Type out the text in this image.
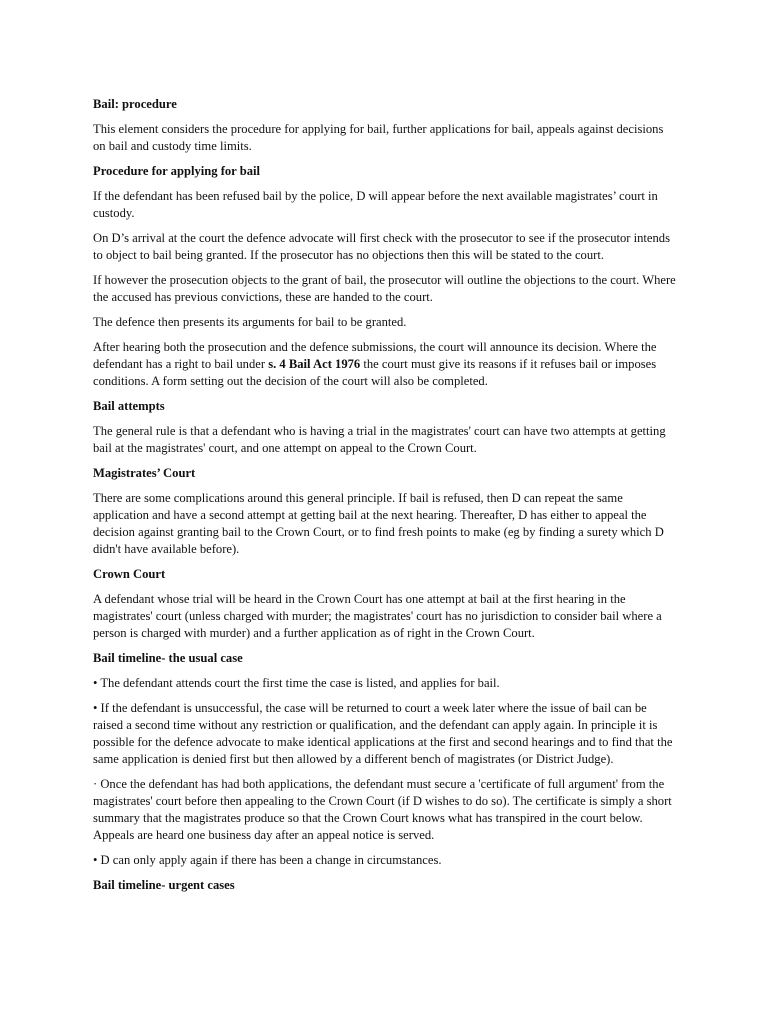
Bail: procedure
This element considers the procedure for applying for bail, further applications for bail, appeals against decisions on bail and custody time limits.
Procedure for applying for bail
If the defendant has been refused bail by the police, D will appear before the next available magistrates’ court in custody.
On D’s arrival at the court the defence advocate will first check with the prosecutor to see if the prosecutor intends to object to bail being granted. If the prosecutor has no objections then this will be stated to the court.
If however the prosecution objects to the grant of bail, the prosecutor will outline the objections to the court. Where the accused has previous convictions, these are handed to the court.
The defence then presents its arguments for bail to be granted.
After hearing both the prosecution and the defence submissions, the court will announce its decision. Where the defendant has a right to bail under s. 4 Bail Act 1976 the court must give its reasons if it refuses bail or imposes conditions. A form setting out the decision of the court will also be completed.
Bail attempts
The general rule is that a defendant who is having a trial in the magistrates' court can have two attempts at getting bail at the magistrates' court, and one attempt on appeal to the Crown Court.
Magistrates’ Court
There are some complications around this general principle. If bail is refused, then D can repeat the same application and have a second attempt at getting bail at the next hearing. Thereafter, D has either to appeal the decision against granting bail to the Crown Court, or to find fresh points to make (eg by finding a surety which D didn't have available before).
Crown Court
A defendant whose trial will be heard in the Crown Court has one attempt at bail at the first hearing in the magistrates' court (unless charged with murder; the magistrates' court has no jurisdiction to consider bail where a person is charged with murder) and a further application as of right in the Crown Court.
Bail timeline- the usual case
• The defendant attends court the first time the case is listed, and applies for bail.
• If the defendant is unsuccessful, the case will be returned to court a week later where the issue of bail can be raised a second time without any restriction or qualification, and the defendant can apply again. In principle it is possible for the defence advocate to make identical applications at the first and second hearings and to find that the same application is denied first but then allowed by a different bench of magistrates (or District Judge).
· Once the defendant has had both applications, the defendant must secure a 'certificate of full argument' from the magistrates' court before then appealing to the Crown Court (if D wishes to do so). The certificate is simply a short summary that the magistrates produce so that the Crown Court knows what has transpired in the court below. Appeals are heard one business day after an appeal notice is served.
• D can only apply again if there has been a change in circumstances.
Bail timeline- urgent cases
